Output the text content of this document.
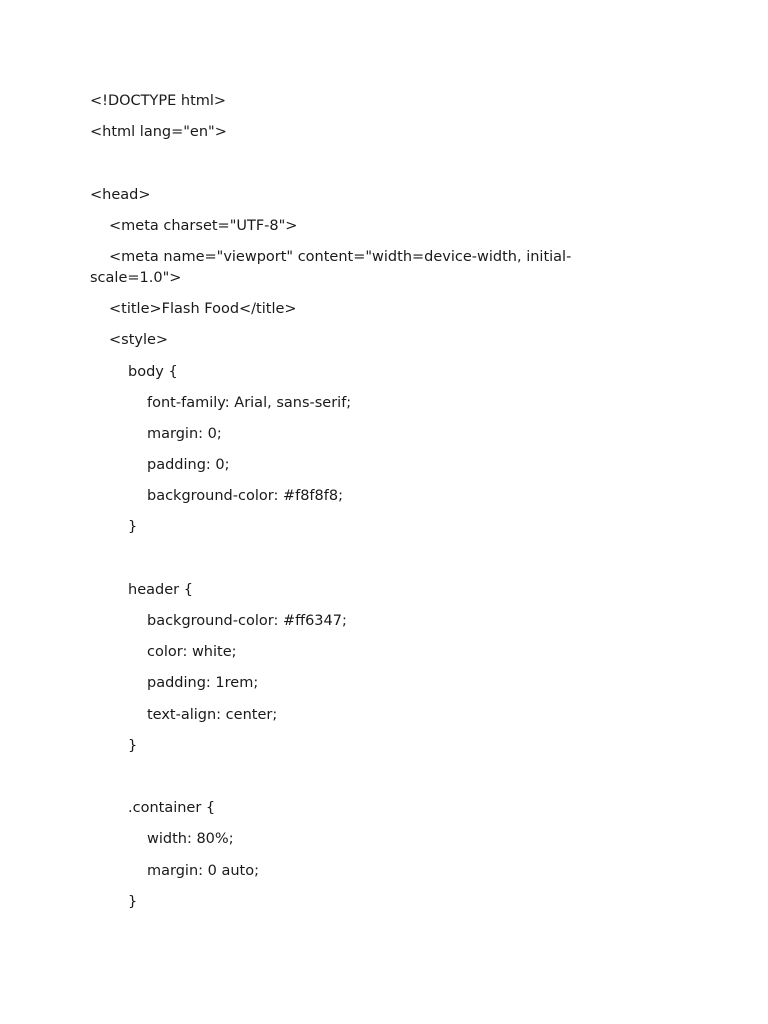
<!DOCTYPE html>
<html lang="en">
<head>
<meta charset="UTF-8">
<meta name="viewport" content="width=device-width, initial-scale=1.0">
<title>Flash Food</title>
<style>
body {
font-family: Arial, sans-serif;
margin: 0;
padding: 0;
background-color: #f8f8f8;
}
header {
background-color: #ff6347;
color: white;
padding: 1rem;
text-align: center;
}
.container {
width: 80%;
margin: 0 auto;
}
